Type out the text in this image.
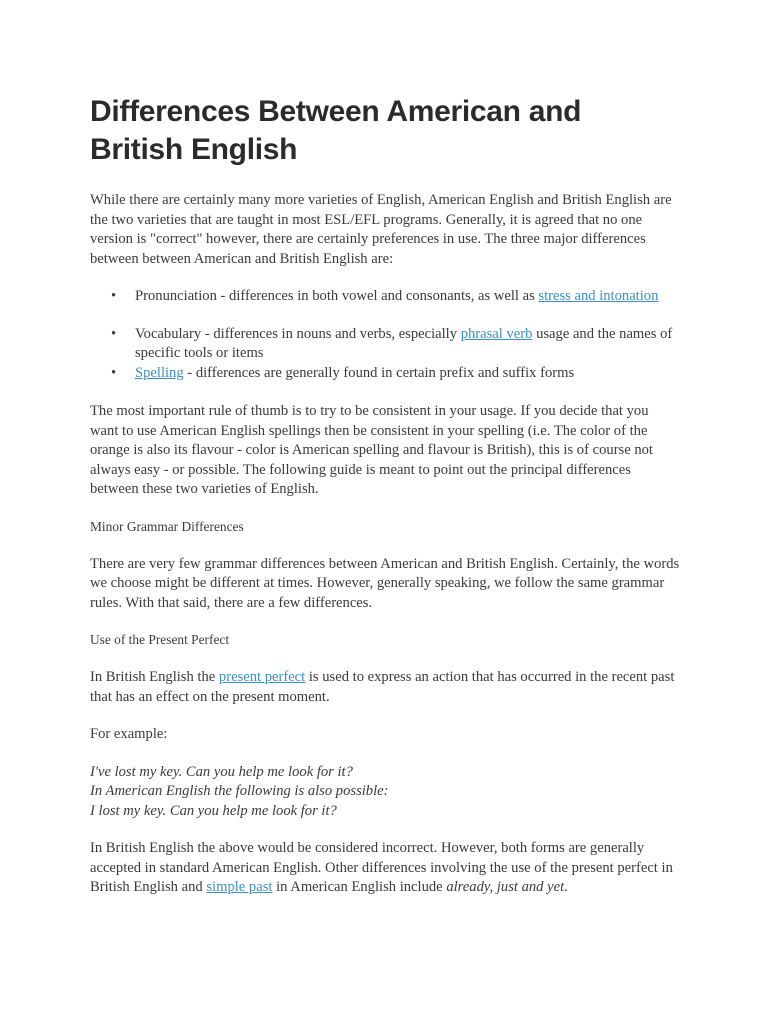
Differences Between American and British English

While there are certainly many more varieties of English, American English and British English are the two varieties that are taught in most ESL/EFL programs. Generally, it is agreed that no one version is "correct" however, there are certainly preferences in use. The three major differences between between American and British English are:

• Pronunciation - differences in both vowel and consonants, as well as stress and intonation
• Vocabulary - differences in nouns and verbs, especially phrasal verb usage and the names of specific tools or items
• Spelling - differences are generally found in certain prefix and suffix forms

The most important rule of thumb is to try to be consistent in your usage. If you decide that you want to use American English spellings then be consistent in your spelling (i.e. The color of the orange is also its flavour - color is American spelling and flavour is British), this is of course not always easy - or possible. The following guide is meant to point out the principal differences between these two varieties of English.

Minor Grammar Differences

There are very few grammar differences between American and British English. Certainly, the words we choose might be different at times. However, generally speaking, we follow the same grammar rules. With that said, there are a few differences.

Use of the Present Perfect

In British English the present perfect is used to express an action that has occurred in the recent past that has an effect on the present moment.

For example:

I've lost my key. Can you help me look for it?
In American English the following is also possible:
I lost my key. Can you help me look for it?

In British English the above would be considered incorrect. However, both forms are generally accepted in standard American English. Other differences involving the use of the present perfect in British English and simple past in American English include already, just and yet.
